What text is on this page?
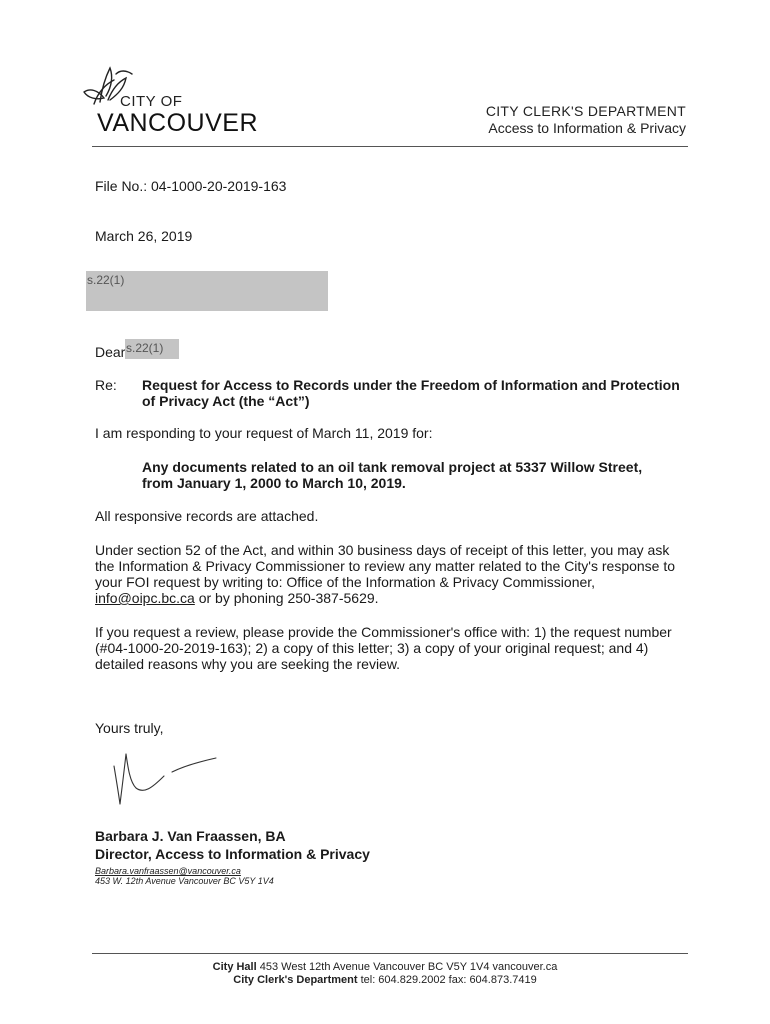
CITY OF
VANCOUVER	CITY CLERK'S DEPARTMENT
Access to Information & Privacy
File No.: 04-1000-20-2019-163
March 26, 2019
s.22(1)
Dear s.22(1)
Re: Request for Access to Records under the Freedom of Information and Protection of Privacy Act (the “Act”)
I am responding to your request of March 11, 2019 for:
Any documents related to an oil tank removal project at 5337 Willow Street, from January 1, 2000 to March 10, 2019.
All responsive records are attached.
Under section 52 of the Act, and within 30 business days of receipt of this letter, you may ask the Information & Privacy Commissioner to review any matter related to the City's response to your FOI request by writing to: Office of the Information & Privacy Commissioner,
info@oipc.bc.ca or by phoning 250-387-5629.
If you request a review, please provide the Commissioner's office with: 1) the request number (#04-1000-20-2019-163); 2) a copy of this letter; 3) a copy of your original request; and 4) detailed reasons why you are seeking the review.
Yours truly,
Barbara J. Van Fraassen, BA
Director, Access to Information & Privacy
Barbara.vanfraassen@vancouver.ca
453 W. 12th Avenue Vancouver BC V5Y 1V4
City Hall 453 West 12th Avenue Vancouver BC V5Y 1V4 vancouver.ca
City Clerk's Department tel: 604.829.2002 fax: 604.873.7419
